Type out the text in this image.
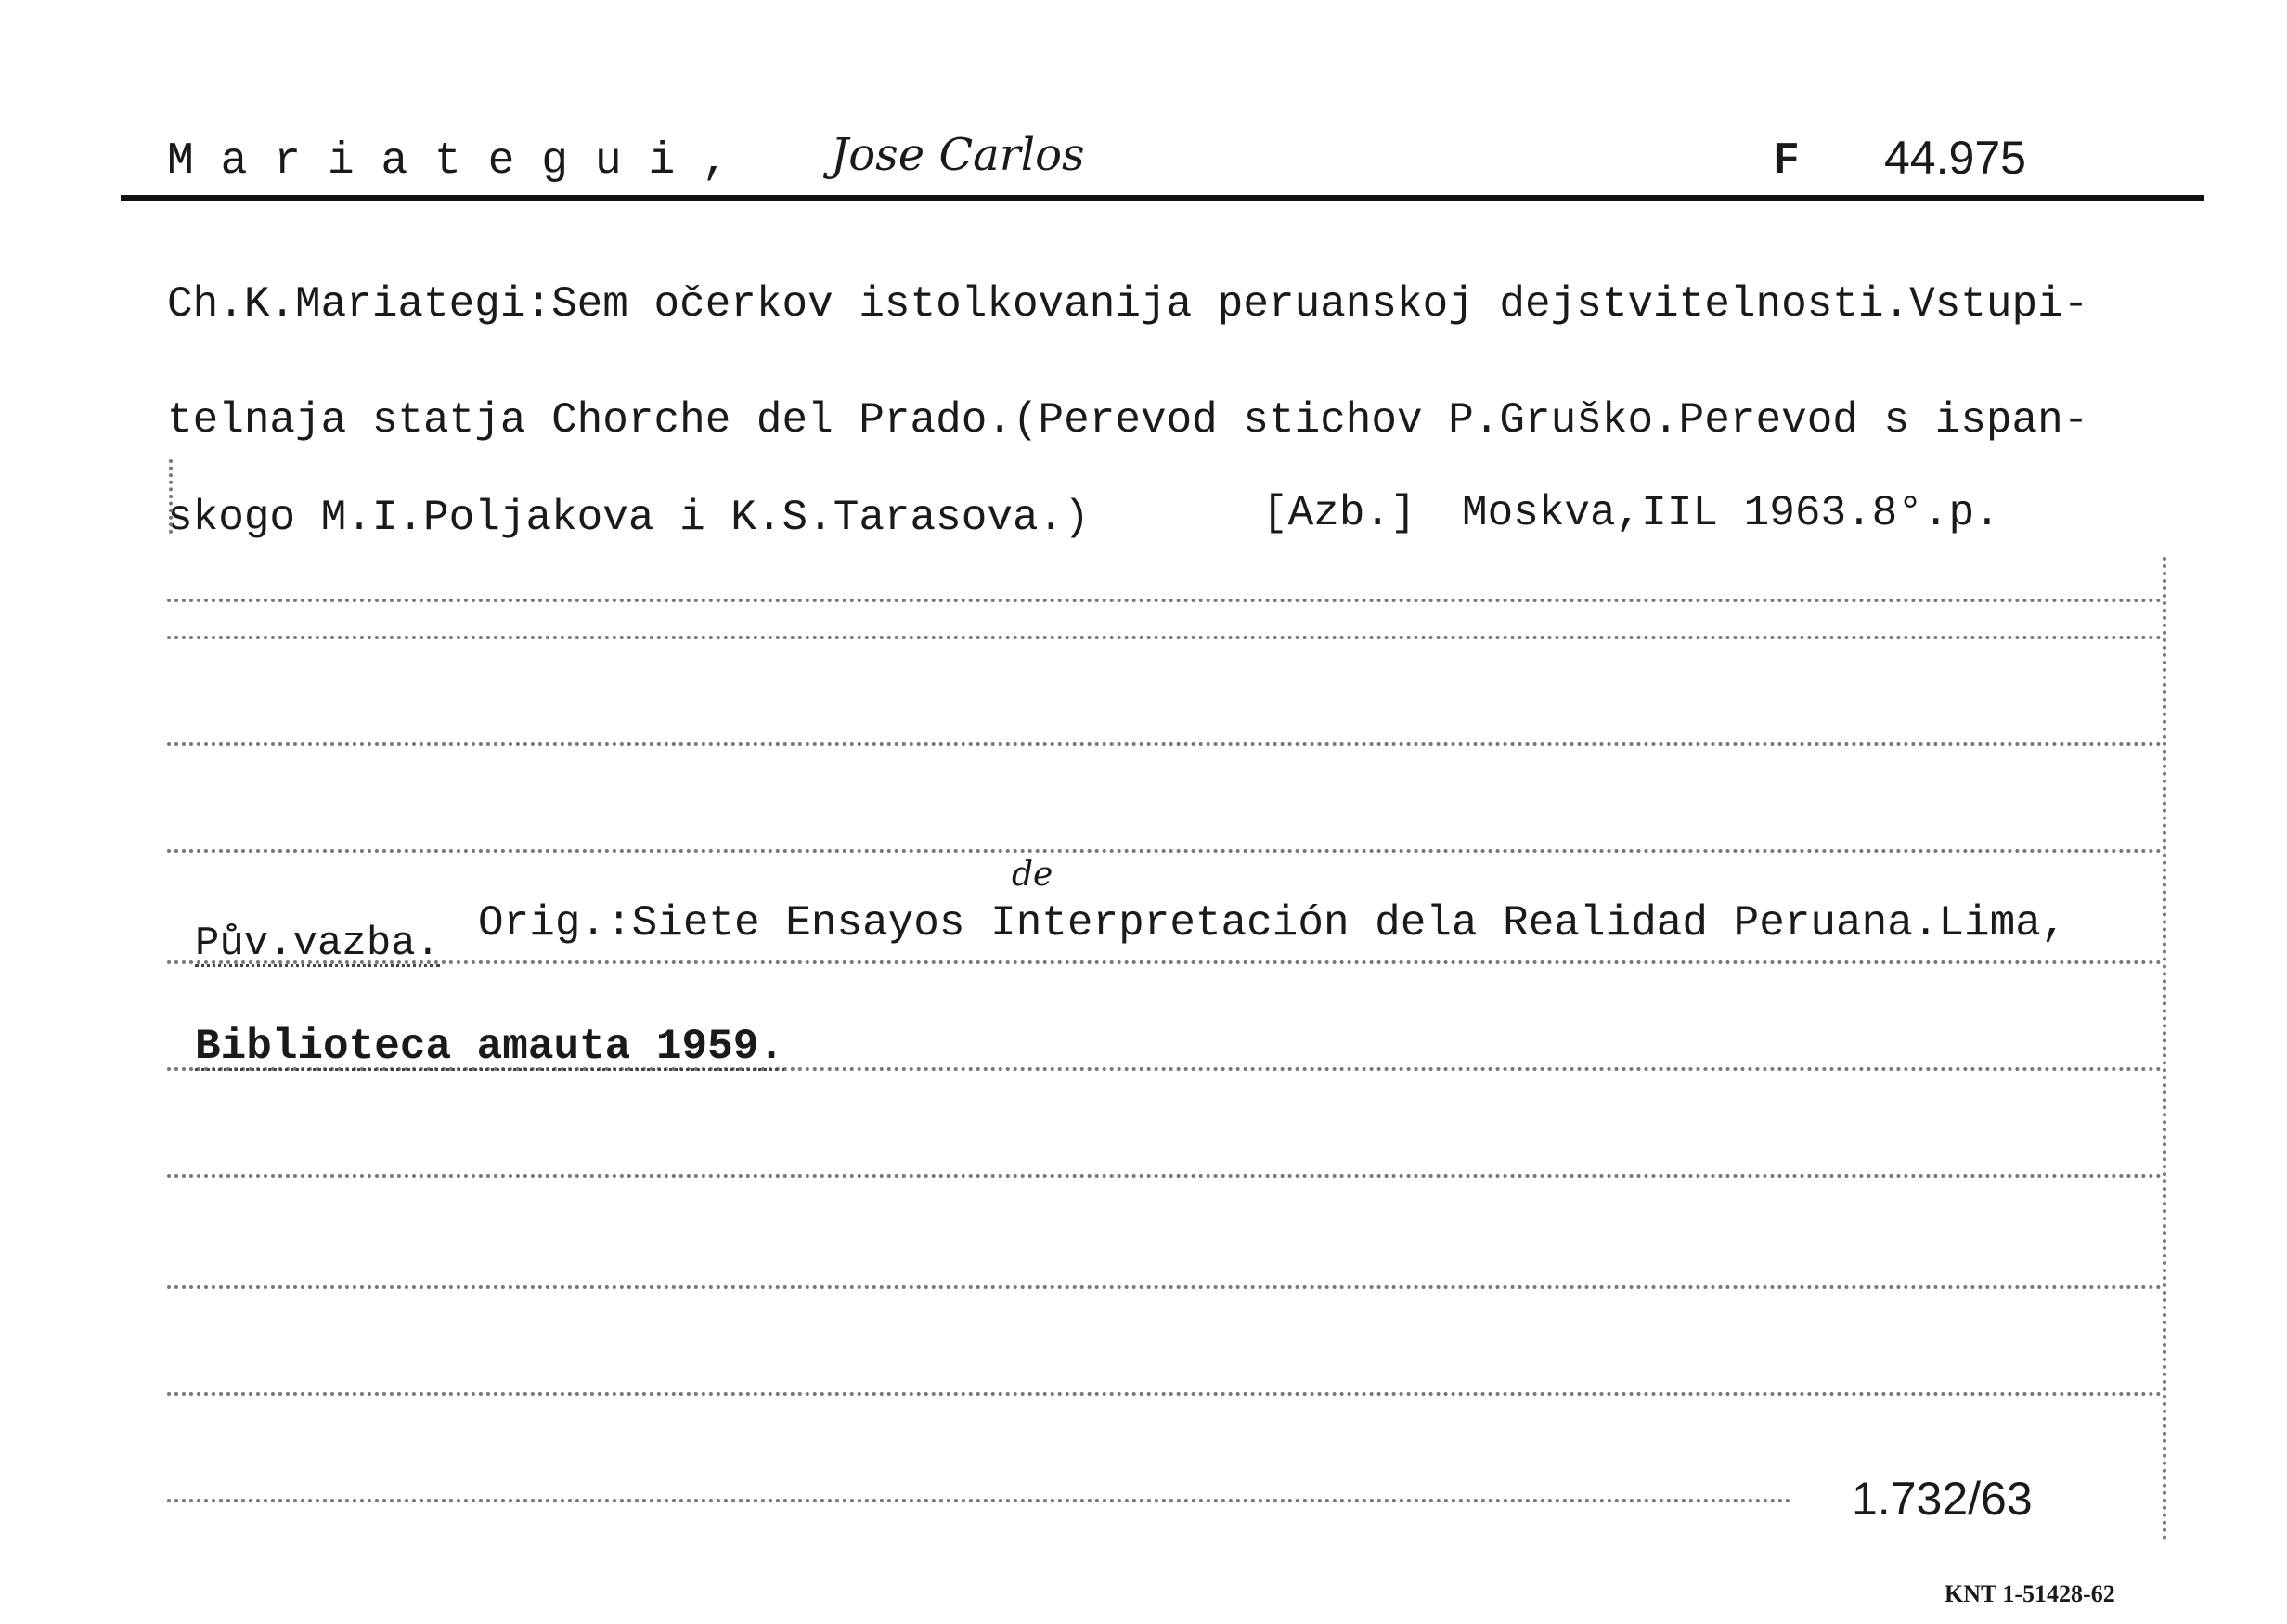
M a r i a t e g u i , Jose Carlos	F 44.975
Ch.K.Mariategi:Sem očerkov istolkovanija peruanskoj dejstvitelnosti.Vstupi-
telnaja statja Chorche del Prado.(Perevod stichov P.Gruško.Perevod s ispan-
skogo M.I.Poljakova i K.S.Tarasova.)	[Azb.] Moskva,IIL 1963.8°.p.
Pův.vazba. Orig.:Siete Ensayos Interpretación dela Realidad Peruana.Lima,
de
Biblioteca amauta 1959.
1.732/63
KNT 1-51428-62
